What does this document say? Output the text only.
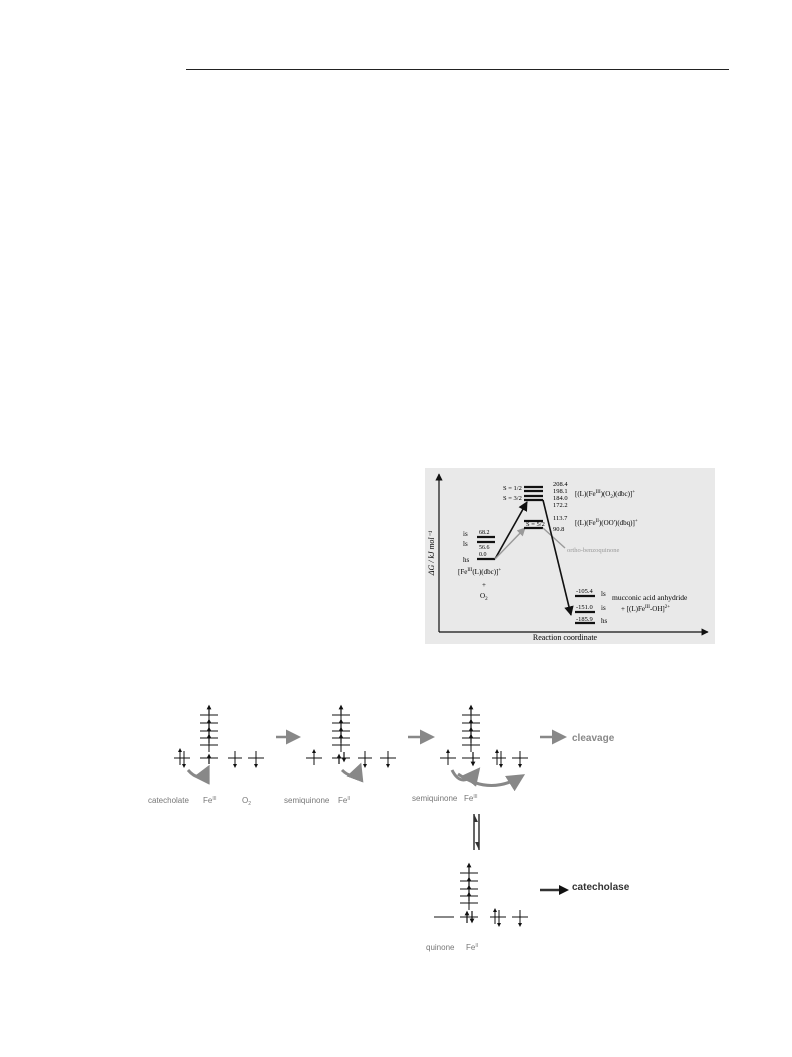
ΔG / kJ mol⁻¹
Reaction coordinate
is
ls
hs
68.2
56.6
0.0
$[Fe^{III}(L)(dbc)]^+$
+
$O_2$
S = 1/2
S = 3/2
208.4
198.1
184.0
172.2
$[(L)(Fe^{III})(O_2)(dbc)]^+$
S = 5/2
113.7
90.8
$[(L)(Fe^{II})(OO')(dbq)]^+$
ortho-benzoquinone
-105.4
-151.0
-185.9
ls
is
hs
mucconic acid anhydride
+ $[(L)Fe^{III}-OH]^{2+}$
catecholate $Fe^{III}$	$O_2$	semiquinone $Fe^{II}$	semiquinone $Fe^{III}$
cleavage
quinone $Fe^{II}$
catecholase
